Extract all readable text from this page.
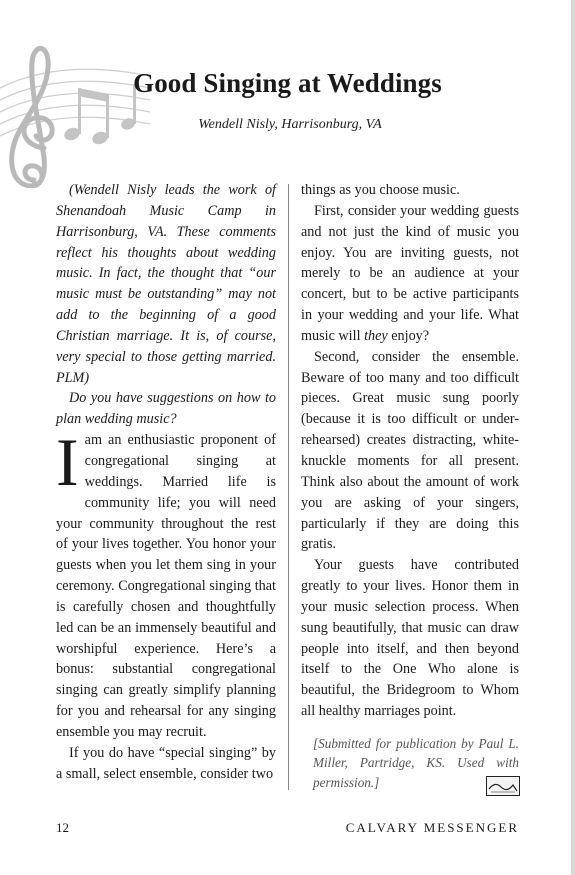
Good Singing at Weddings
Wendell Nisly, Harrisonburg, VA

(Wendell Nisly leads the work of Shenandoah Music Camp in Harrisonburg, VA. These comments reflect his thoughts about wedding music. In fact, the thought that “our music must be outstanding” may not add to the beginning of a good Christian marriage. It is, of course, very special to those getting married. PLM)

Do you have suggestions on how to plan wedding music?

Iam an enthusiastic proponent of congregational singing at weddings. Married life is community life; you will need your community throughout the rest of your lives together. You honor your guests when you let them sing in your ceremony. Congregational singing that is carefully chosen and thoughtfully led can be an immensely beautiful and worshipful experience. Here’s a bonus: substantial congregational singing can greatly simplify planning for you and rehearsal for any singing ensemble you may recruit.

If you do have “special singing” by a small, select ensemble, consider two

things as you choose music.

First, consider your wedding guests and not just the kind of music you enjoy. You are inviting guests, not merely to be an audience at your concert, but to be active participants in your wedding and your life. What music will they enjoy?

Second, consider the ensemble. Beware of too many and too difficult pieces. Great music sung poorly (because it is too difficult or under-rehearsed) creates distracting, white-knuckle moments for all present. Think also about the amount of work you are asking of your singers, particularly if they are doing this gratis.

Your guests have contributed greatly to your lives. Honor them in your music selection process. When sung beautifully, that music can draw people into itself, and then beyond itself to the One Who alone is beautiful, the Bridegroom to Whom all healthy marriages point.

[Submitted for publication by Paul L. Miller, Partridge, KS. Used with permission.]

12	CALVARY MESSENGER
